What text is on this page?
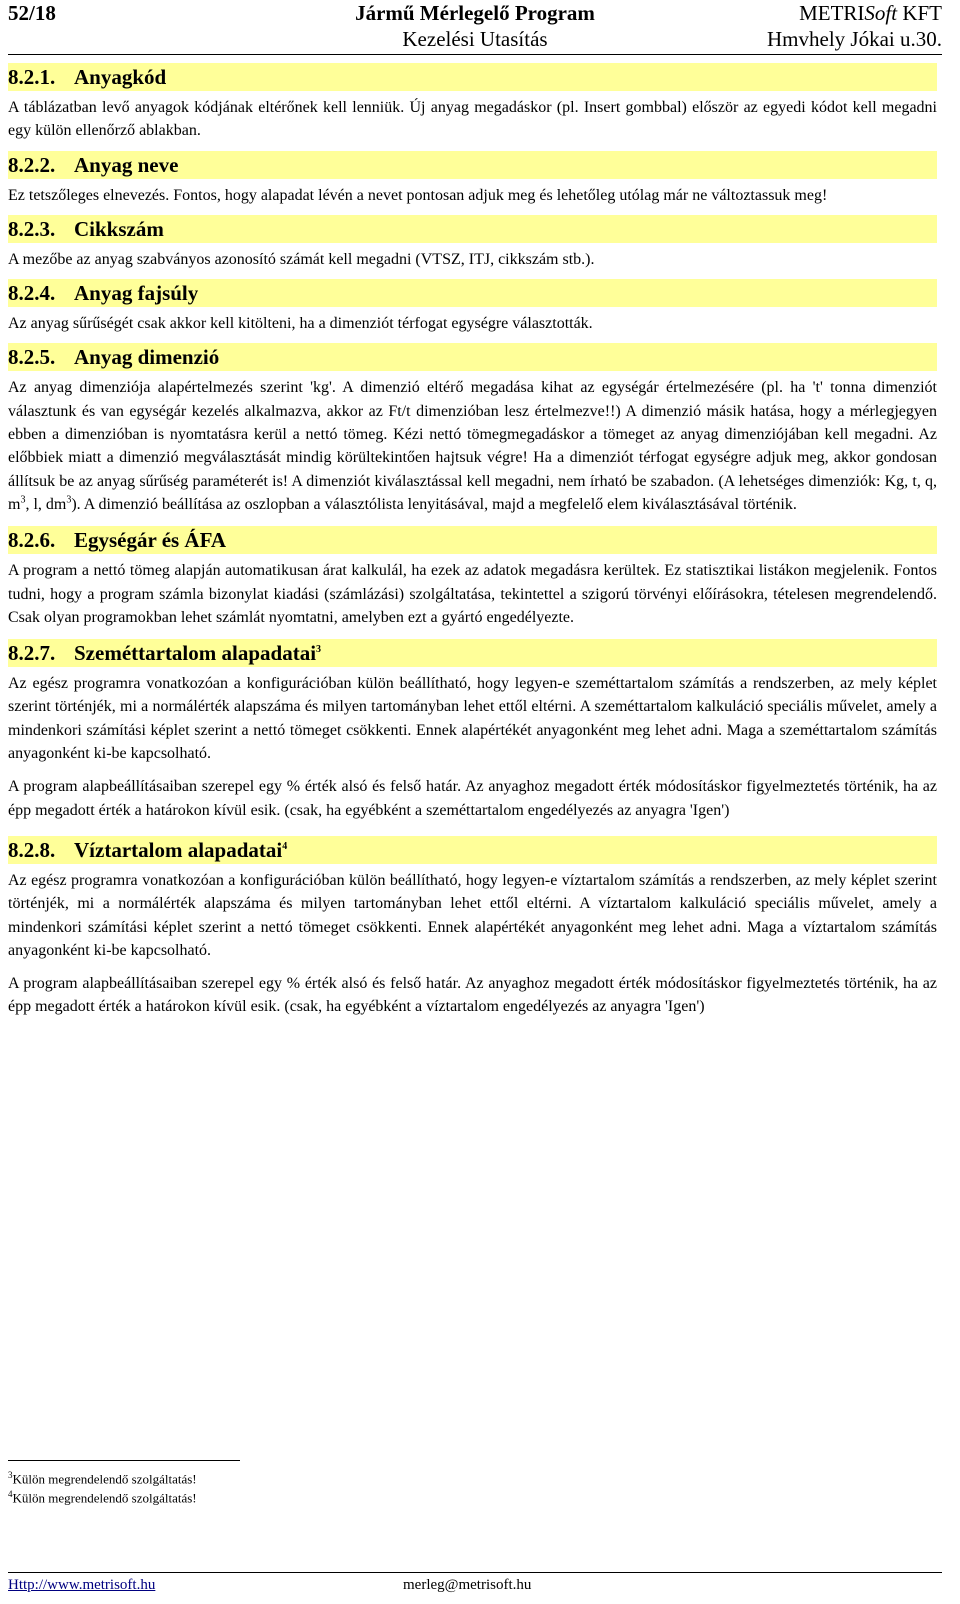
Jármű Mérlegelő Program
Kezelési Utasítás
52/18	METRISoft KFT
Hmvhely Jókai u.30.
8.2.1. Anyagkód
A táblázatban levő anyagok kódjának eltérőnek kell lenniük. Új anyag megadáskor (pl. Insert gombbal) először az egyedi kódot kell megadni egy külön ellenőrző ablakban.
8.2.2. Anyag neve
Ez tetszőleges elnevezés. Fontos, hogy alapadat lévén a nevet pontosan adjuk meg és lehetőleg utólag már ne változtassuk meg!
8.2.3. Cikkszám
A mezőbe az anyag szabványos azonosító számát kell megadni (VTSZ, ITJ, cikkszám stb.).
8.2.4. Anyag fajsúly
Az anyag sűrűségét csak akkor kell kitölteni, ha a dimenziót térfogat egységre választották.
8.2.5. Anyag dimenzió
Az anyag dimenziója alapértelmezés szerint 'kg'. A dimenzió eltérő megadása kihat az egységár értelmezésére (pl. ha 't' tonna dimenziót választunk és van egységár kezelés alkalmazva, akkor az Ft/t dimenzióban lesz értelmezve!!) A dimenzió másik hatása, hogy a mérlegjegyen ebben a dimenzióban is nyomtatásra kerül a nettó tömeg. Kézi nettó tömegmegadáskor a tömeget az anyag dimenziójában kell megadni. Az előbbiek miatt a dimenzió megválasztását mindig körültekintően hajtsuk végre! Ha a dimenziót térfogat egységre adjuk meg, akkor gondosan állítsuk be az anyag sűrűség paraméterét is! A dimenziót kiválasztással kell megadni, nem írható be szabadon. (A lehetséges dimenziók: Kg, t, q, $m^3$, l, $dm^3$). A dimenzió beállítása az oszlopban a választólista lenyitásával, majd a megfelelő elem kiválasztásával történik.
8.2.6. Egységár és ÁFA
A program a nettó tömeg alapján automatikusan árat kalkulál, ha ezek az adatok megadásra kerültek. Ez statisztikai listákon megjelenik. Fontos tudni, hogy a program számla bizonylat kiadási (számlázási) szolgáltatása, tekintettel a szigorú törvényi előírásokra, tételesen megrendelendő. Csak olyan programokban lehet számlát nyomtatni, amelyben ezt a gyártó engedélyezte.
8.2.7. Szeméttartalom alapadatai$^3$
Az egész programra vonatkozóan a konfigurációban külön beállítható, hogy legyen-e szeméttartalom számítás a rendszerben, az mely képlet szerint történjék, mi a normálérték alapszáma és milyen tartományban lehet ettől eltérni. A szeméttartalom kalkuláció speciális művelet, amely a mindenkori számítási képlet szerint a nettó tömeget csökkenti. Ennek alapértékét anyagonként meg lehet adni. Maga a szeméttartalom számítás anyagonként ki-be kapcsolható.
A program alapbeállításaiban szerepel egy % érték alsó és felső határ. Az anyaghoz megadott érték módosításkor figyelmeztetés történik, ha az épp megadott érték a határokon kívül esik. (csak, ha egyébként a szeméttartalom engedélyezés az anyagra 'Igen')
8.2.8. Víztartalom alapadatai$^4$
Az egész programra vonatkozóan a konfigurációban külön beállítható, hogy legyen-e víztartalom számítás a rendszerben, az mely képlet szerint történjék, mi a normálérték alapszáma és milyen tartományban lehet ettől eltérni. A víztartalom kalkuláció speciális művelet, amely a mindenkori számítási képlet szerint a nettó tömeget csökkenti. Ennek alapértékét anyagonként meg lehet adni. Maga a víztartalom számítás anyagonként ki-be kapcsolható.
A program alapbeállításaiban szerepel egy % érték alsó és felső határ. Az anyaghoz megadott érték módosításkor figyelmeztetés történik, ha az épp megadott érték a határokon kívül esik. (csak, ha egyébként a víztartalom engedélyezés az anyagra 'Igen')
$^3$Külön megrendelendő szolgáltatás!
$^4$Külön megrendelendő szolgáltatás!
Http://www.metrisoft.hu	merleg@metrisoft.hu
